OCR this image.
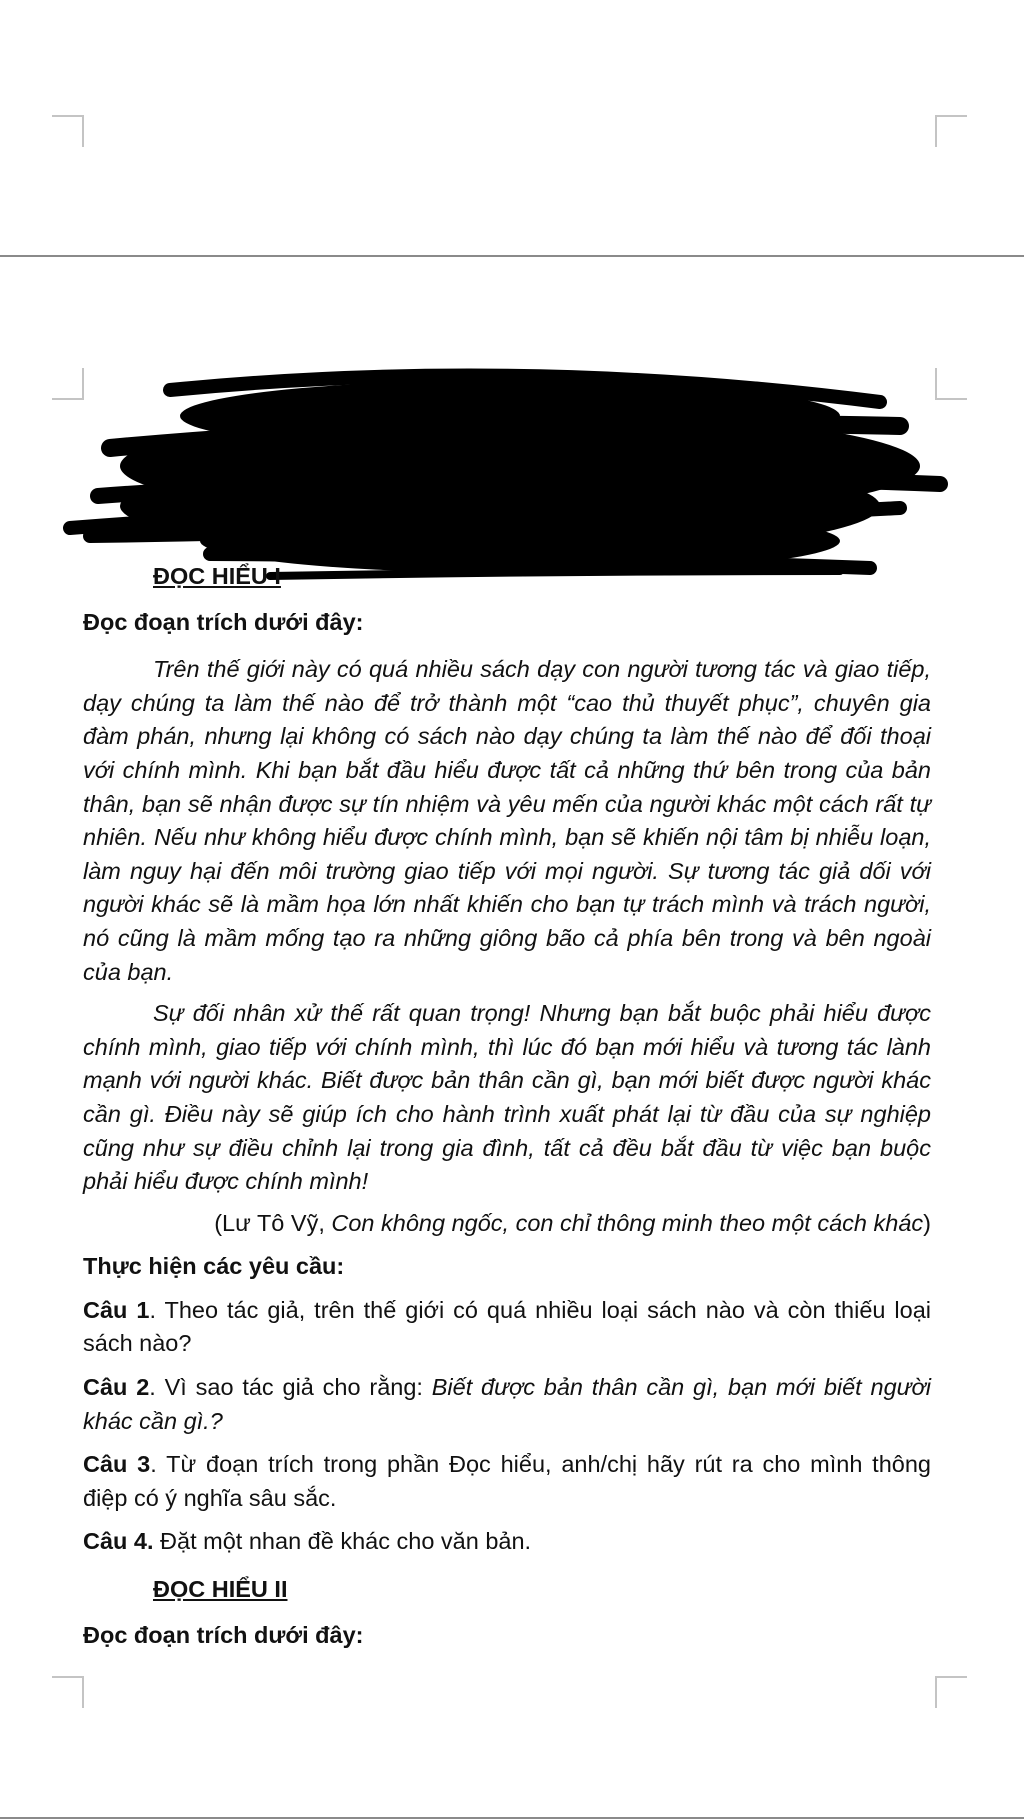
ĐỌC HIỂU I

Đọc đoạn trích dưới đây:

Trên thế giới này có quá nhiều sách dạy con người tương tác và giao tiếp, dạy chúng ta làm thế nào để trở thành một “cao thủ thuyết phục”, chuyên gia đàm phán, nhưng lại không có sách nào dạy chúng ta làm thế nào để đối thoại với chính mình. Khi bạn bắt đầu hiểu được tất cả những thứ bên trong của bản thân, bạn sẽ nhận được sự tín nhiệm và yêu mến của người khác một cách rất tự nhiên. Nếu như không hiểu được chính mình, bạn sẽ khiến nội tâm bị nhiễu loạn, làm nguy hại đến môi trường giao tiếp với mọi người. Sự tương tác giả dối với người khác sẽ là mầm họa lớn nhất khiến cho bạn tự trách mình và trách người, nó cũng là mầm mống tạo ra những giông bão cả phía bên trong và bên ngoài của bạn.

Sự đối nhân xử thế rất quan trọng! Nhưng bạn bắt buộc phải hiểu được chính mình, giao tiếp với chính mình, thì lúc đó bạn mới hiểu và tương tác lành mạnh với người khác. Biết được bản thân cần gì, bạn mới biết được người khác cần gì. Điều này sẽ giúp ích cho hành trình xuất phát lại từ đầu của sự nghiệp cũng như sự điều chỉnh lại trong gia đình, tất cả đều bắt đầu từ việc bạn buộc phải hiểu được chính mình!

(Lư Tô Vỹ, Con không ngốc, con chỉ thông minh theo một cách khác)

Thực hiện các yêu cầu:

Câu 1. Theo tác giả, trên thế giới có quá nhiều loại sách nào và còn thiếu loại sách nào?

Câu 2. Vì sao tác giả cho rằng: Biết được bản thân cần gì, bạn mới biết người khác cần gì.?

Câu 3. Từ đoạn trích trong phần Đọc hiểu, anh/chị hãy rút ra cho mình thông điệp có ý nghĩa sâu sắc.

Câu 4. Đặt một nhan đề khác cho văn bản.

ĐỌC HIỂU II

Đọc đoạn trích dưới đây:
